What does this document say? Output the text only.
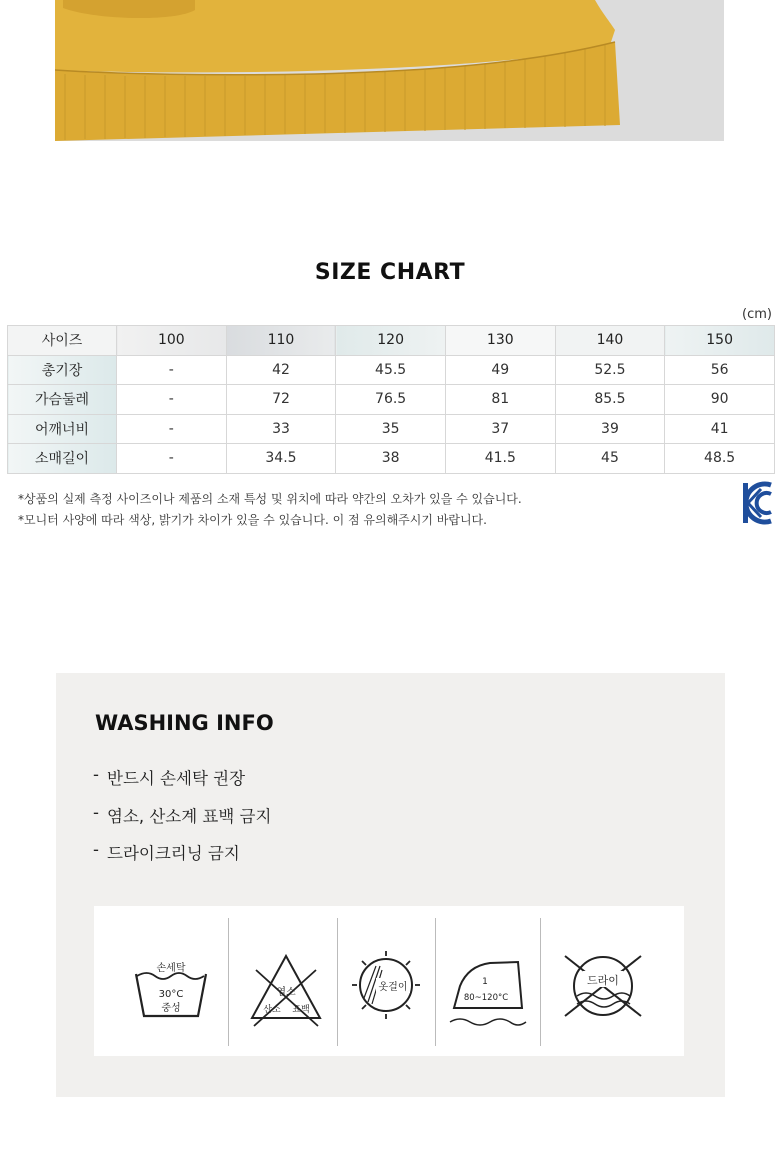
SIZE CHART
(cm)
사이즈	100	110	120	130	140	150
총기장	-	42	45.5	49	52.5	56
가슴둘레	-	72	76.5	81	85.5	90
어깨너비	-	33	35	37	39	41
소매길이	-	34.5	38	41.5	45	48.5
*상품의 실제 측정 사이즈이나 제품의 소재 특성 및 위치에 따라 약간의 오차가 있을 수 있습니다.
*모니터 사양에 따라 색상, 밝기가 차이가 있을 수 있습니다. 이 점 유의해주시기 바랍니다.
WASHING INFO
- 반드시 손세탁 권장
- 염소, 산소계 표백 금지
- 드라이크리닝 금지
손세탁
30°C
중성
염소
산소 표백
옷걸이	1
80~120°C
드라이
